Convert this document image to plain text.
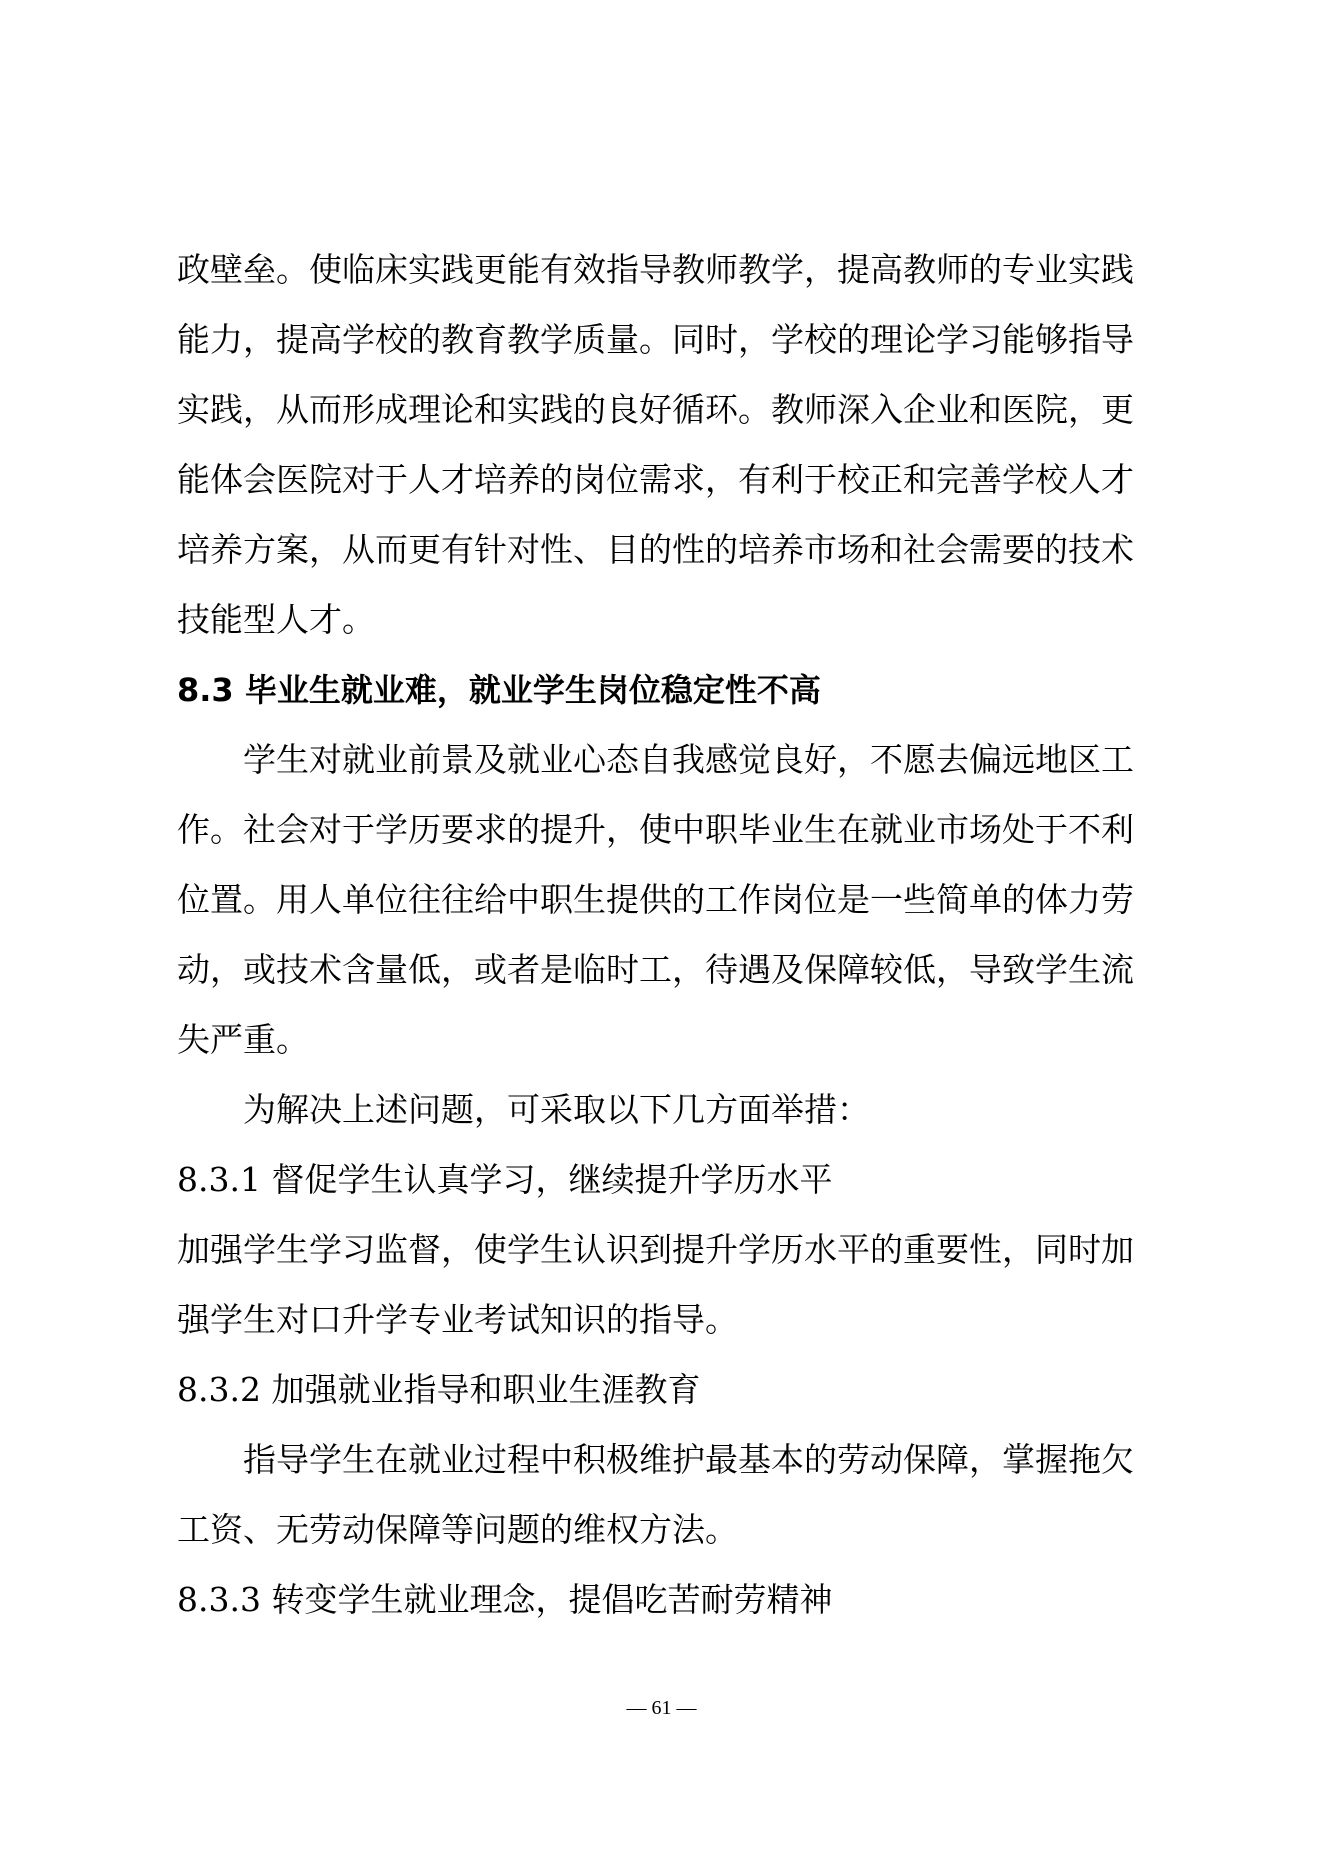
政壁垒。使临床实践更能有效指导教师教学，提高教师的专业实践
能力，提高学校的教育教学质量。同时，学校的理论学习能够指导
实践，从而形成理论和实践的良好循环。教师深入企业和医院，更
能体会医院对于人才培养的岗位需求，有利于校正和完善学校人才
培养方案，从而更有针对性、目的性的培养市场和社会需要的技术
技能型人才。
8.3 毕业生就业难，就业学生岗位稳定性不高
学生对就业前景及就业心态自我感觉良好，不愿去偏远地区工
作。社会对于学历要求的提升，使中职毕业生在就业市场处于不利
位置。用人单位往往给中职生提供的工作岗位是一些简单的体力劳
动，或技术含量低，或者是临时工，待遇及保障较低，导致学生流
失严重。
为解决上述问题，可采取以下几方面举措：
8.3.1 督促学生认真学习，继续提升学历水平
加强学生学习监督，使学生认识到提升学历水平的重要性，同时加
强学生对口升学专业考试知识的指导。
8.3.2 加强就业指导和职业生涯教育
指导学生在就业过程中积极维护最基本的劳动保障，掌握拖欠
工资、无劳动保障等问题的维权方法。
8.3.3 转变学生就业理念，提倡吃苦耐劳精神
— 61 —
